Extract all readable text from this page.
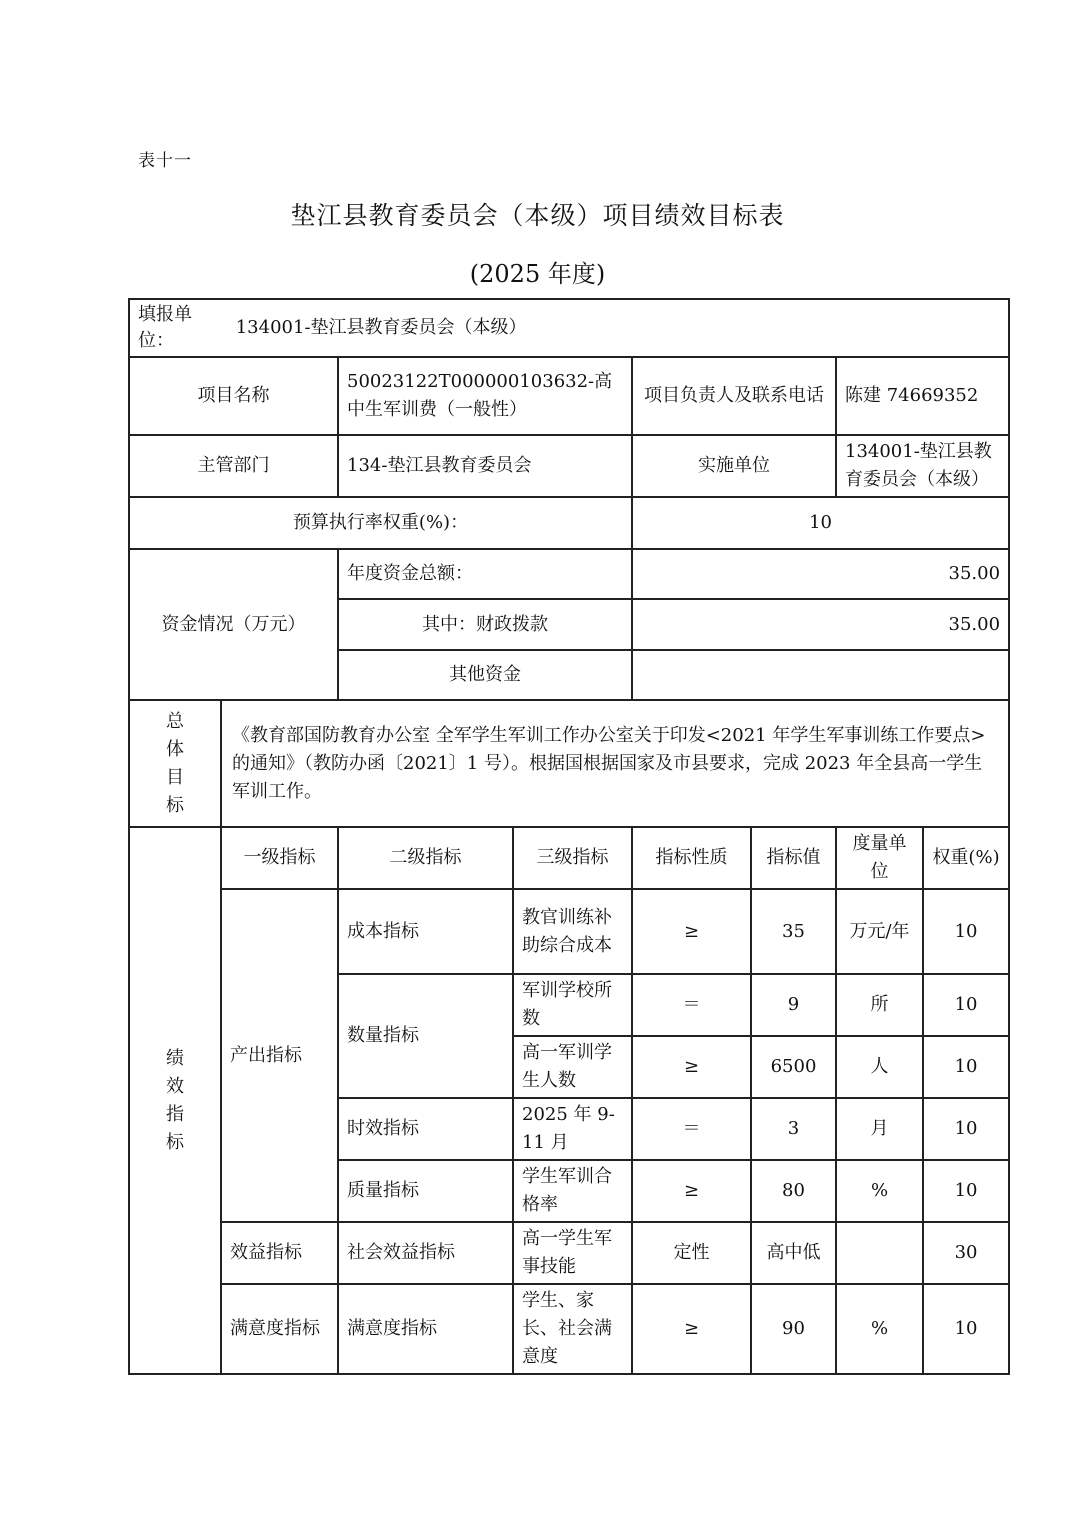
表十一
垫江县教育委员会（本级）项目绩效目标表
(2025 年度)
填报单位： 134001-垫江县教育委员会（本级）							
项目名称		50023122T000000103632-高中生军训费（一般性）		项目负责人及联系电话		陈建 74669352	
主管部门		134-垫江县教育委员会		实施单位		134001-垫江县教育委员会（本级）	
预算执行率权重(%)：				10			
资金情况（万元）		年度资金总额：		35.00			
		其中：财政拨款		35.00			
		其他资金					

总
体
目
标	《教育部国防教育办公室 全军学生军训工作办公室关于印发<2021 年学生军事训练工作要点>的通知》（教防办函〔2021〕1 号）。根据国根据国家及市县要求，完成 2023 年全县高一学生军训工作。						

绩
效
指
标	一级指标	二级指标	三级指标	指标性质	指标值	度量单位	权重(%)
	产出指标	成本指标	教官训练补助综合成本	≥	35	万元/年	10
		数量指标	军训学校所数	＝	9	所	10
			高一军训学生人数	≥	6500	人	10
		时效指标	2025 年 9-11 月	＝	3	月	10
		质量指标	学生军训合格率	≥	80	%	10
	效益指标	社会效益指标	高一学生军事技能	定性	高中低		30
	满意度指标	满意度指标	学生、家长、社会满意度	≥	90	%	10
